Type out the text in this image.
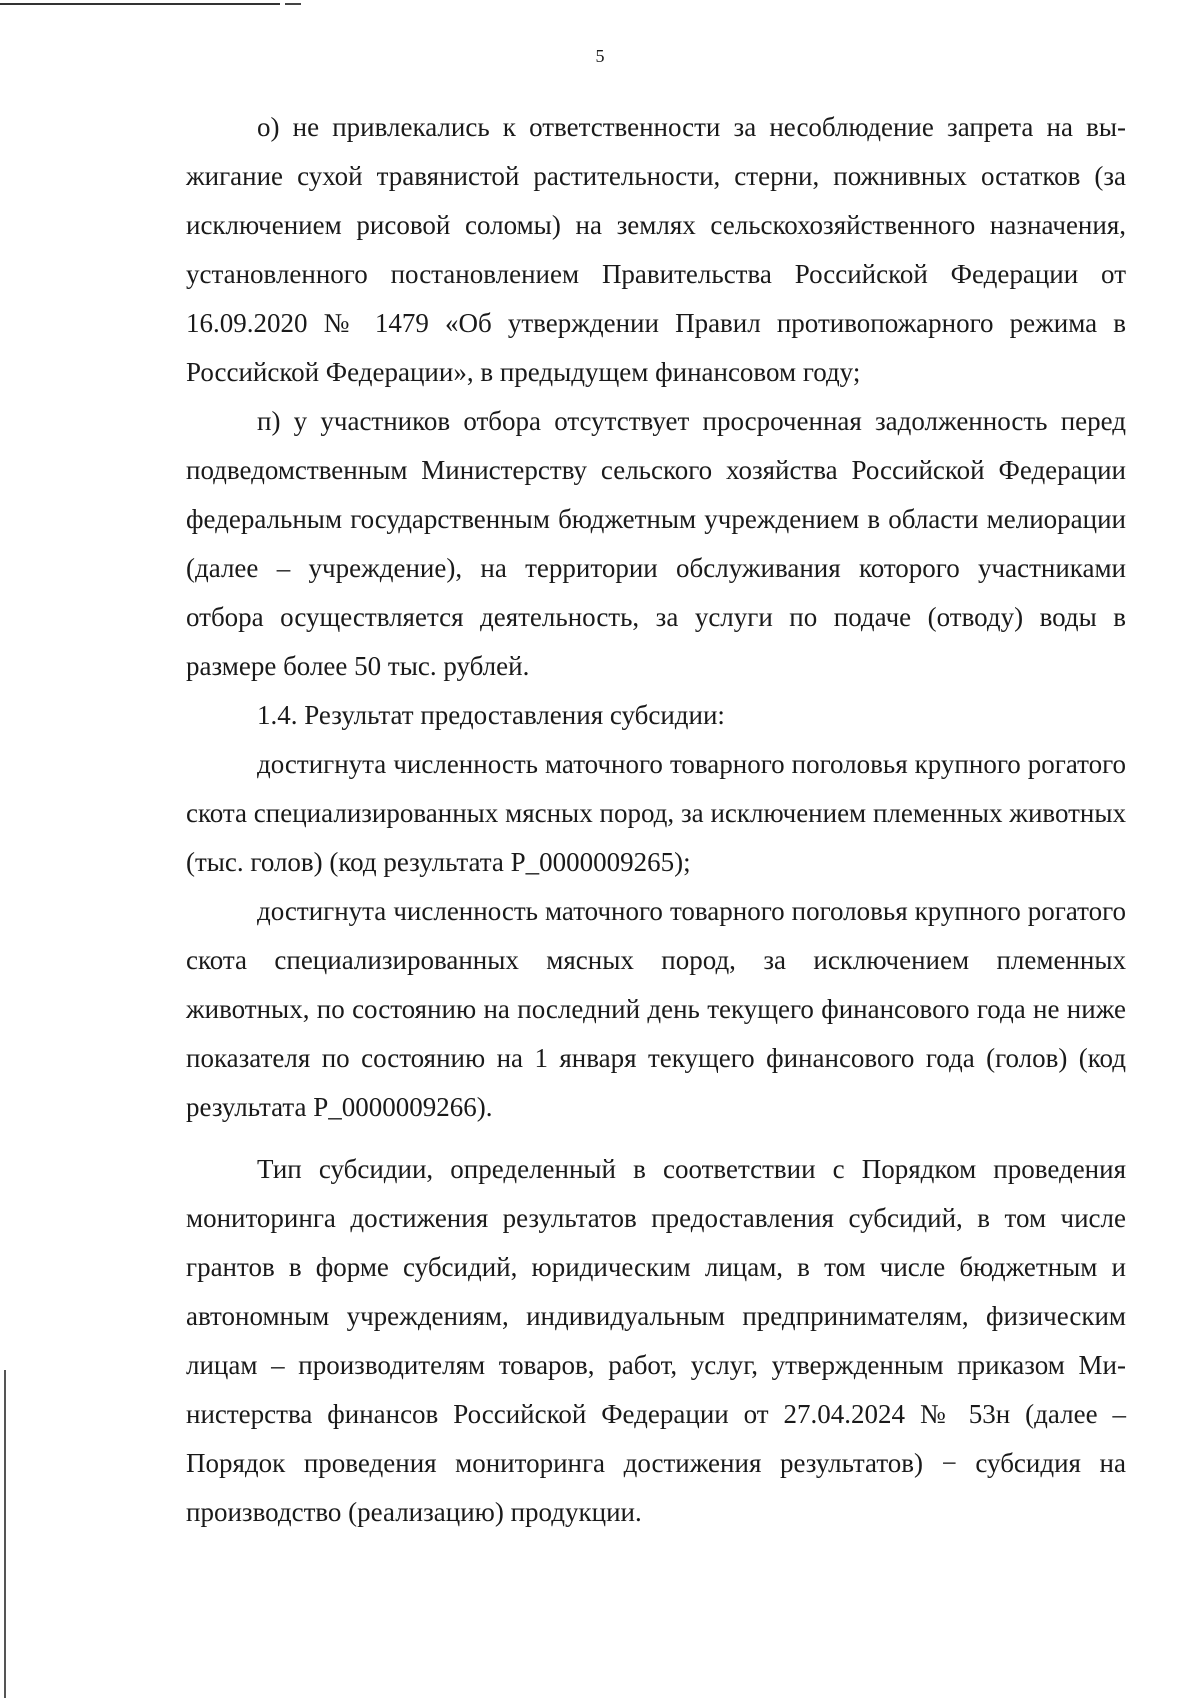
5

о) не привлекались к ответственности за несоблюдение запрета на выжигание сухой травянистой растительности, стерни, пожнивных остатков (за исключением рисовой соломы) на землях сельскохозяйственного назначения, установленного постановлением Правительства Российской Федерации от 16.09.2020 № 1479 «Об утверждении Правил противопожарного режима в Российской Федерации», в предыдущем финансовом году;

п) у участников отбора отсутствует просроченная задолженность перед подведомственным Министерству сельского хозяйства Российской Федерации федеральным государственным бюджетным учреждением в области мелиорации (далее – учреждение), на территории обслуживания которого участниками отбора осуществляется деятельность, за услуги по подаче (отводу) воды в размере более 50 тыс. рублей.

1.4. Результат предоставления субсидии:

достигнута численность маточного товарного поголовья крупного рогатого скота специализированных мясных пород, за исключением племенных животных (тыс. голов) (код результата Р_0000009265);

достигнута численность маточного товарного поголовья крупного рогатого скота специализированных мясных пород, за исключением племенных животных, по состоянию на последний день текущего финансового года не ниже показателя по состоянию на 1 января текущего финансового года (голов) (код результата Р_0000009266).

Тип субсидии, определенный в соответствии с Порядком проведения мониторинга достижения результатов предоставления субсидий, в том числе грантов в форме субсидий, юридическим лицам, в том числе бюджетным и автономным учреждениям, индивидуальным предпринимателям, физическим лицам – производителям товаров, работ, услуг, утвержденным приказом Министерства финансов Российской Федерации от 27.04.2024 № 53н (далее – Порядок проведения мониторинга достижения результатов) − субсидия на производство (реализацию) продукции.
